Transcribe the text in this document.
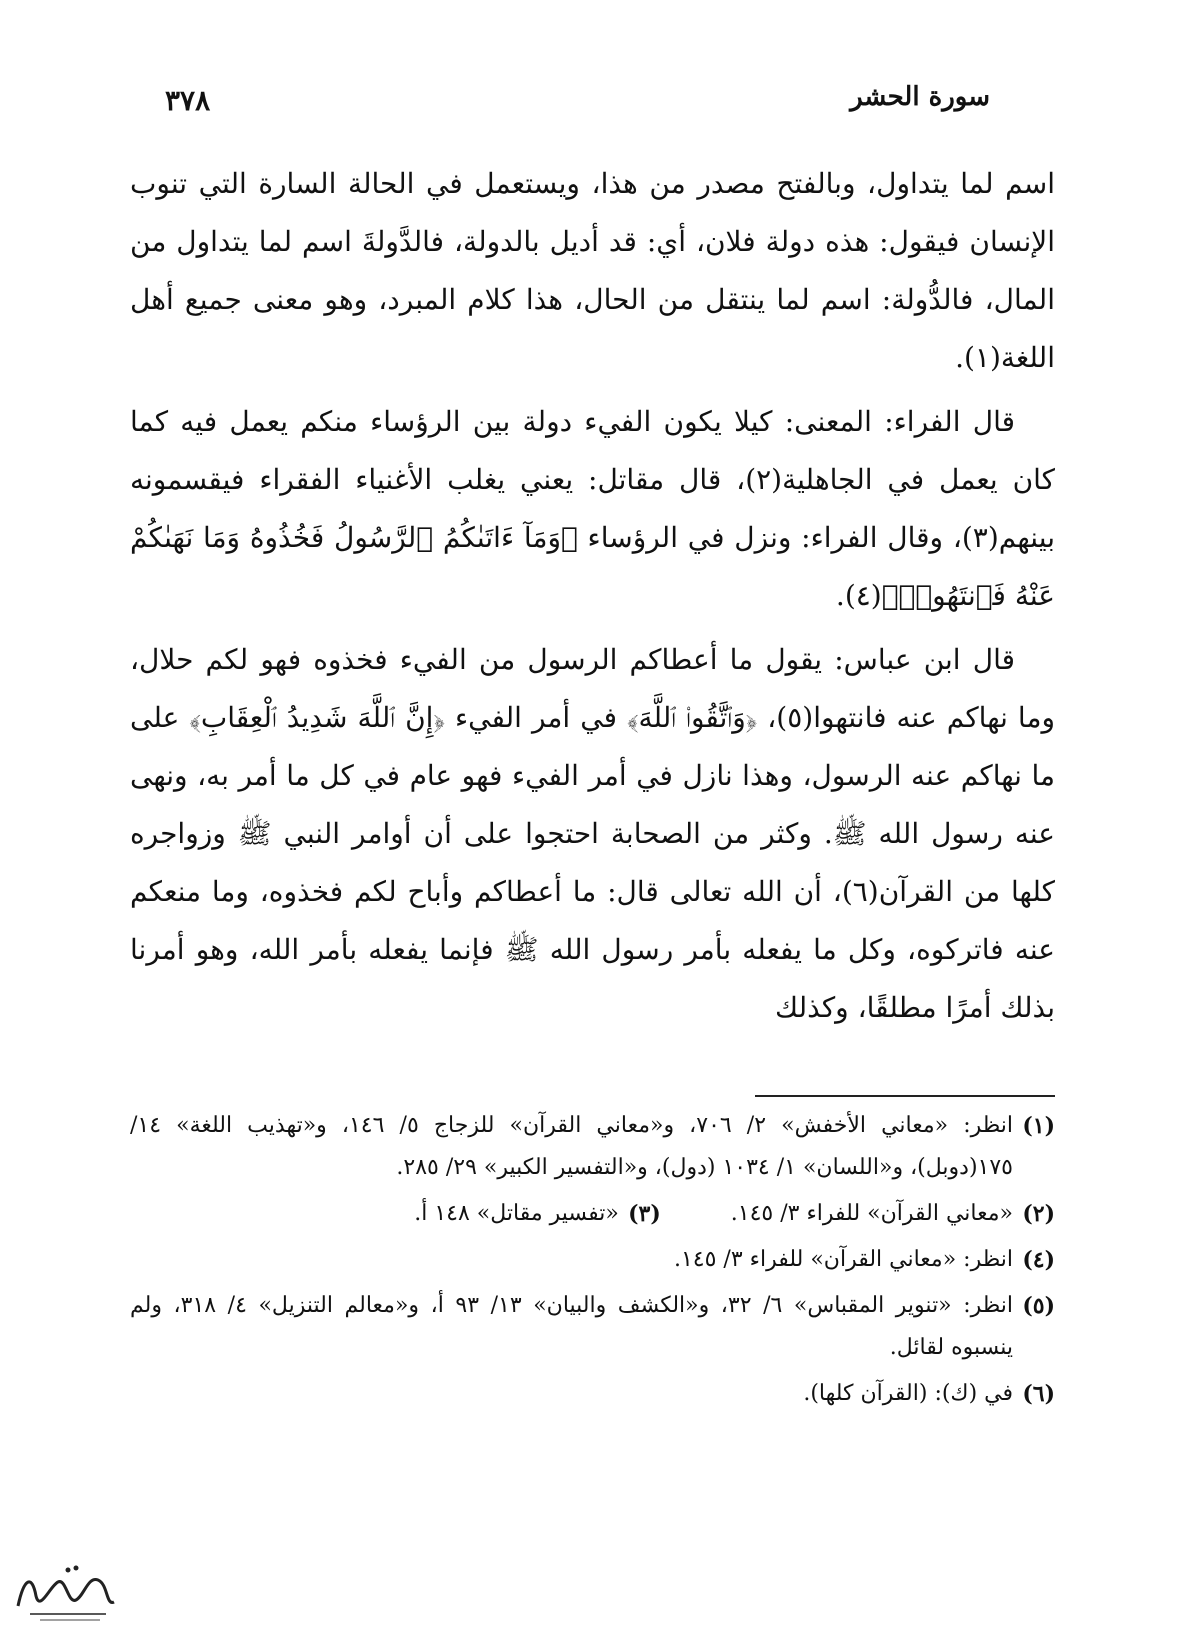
سورة الحشر
٣٧٨

اسم لما يتداول، وبالفتح مصدر من هذا، ويستعمل في الحالة السارة التي تنوب الإنسان فيقول: هذه دولة فلان، أي: قد أديل بالدولة، فالدَّولةَ اسم لما يتداول من المال، فالدُّولة: اسم لما ينتقل من الحال، هذا كلام المبرد، وهو معنى جميع أهل اللغة(١).

قال الفراء: المعنى: كيلا يكون الفيء دولة بين الرؤساء منكم يعمل فيه كما كان يعمل في الجاهلية(٢)، قال مقاتل: يعني يغلب الأغنياء الفقراء فيقسمونه بينهم(٣)، وقال الفراء: ونزل في الرؤساء ﴿وَمَآ ءَاتَىٰكُمُ ٱلرَّسُولُ فَخُذُوهُ وَمَا نَهَىٰكُمْ عَنْهُ فَٱنتَهُوا۟﴾(٤).

قال ابن عباس: يقول ما أعطاكم الرسول من الفيء فخذوه فهو لكم حلال، وما نهاكم عنه فانتهوا(٥)، ﴿وَٱتَّقُوا۟ ٱللَّهَ﴾ في أمر الفيء ﴿إِنَّ ٱللَّهَ شَدِيدُ ٱلْعِقَابِ﴾ على ما نهاكم عنه الرسول، وهذا نازل في أمر الفيء فهو عام في كل ما أمر به، ونهى عنه رسول الله ﷺ. وكثر من الصحابة احتجوا على أن أوامر النبي ﷺ وزواجره كلها من القرآن(٦)، أن الله تعالى قال: ما أعطاكم وأباح لكم فخذوه، وما منعكم عنه فاتركوه، وكل ما يفعله بأمر رسول الله ﷺ فإنما يفعله بأمر الله، وهو أمرنا بذلك أمرًا مطلقًا، وكذلك

(١)
انظر: «معاني الأخفش» ٢/ ٧٠٦، و«معاني القرآن» للزجاج ٥/ ١٤٦، و«تهذيب اللغة» ١٤/ ١٧٥(دوبل)، و«اللسان» ١/ ١٠٣٤ (دول)، و«التفسير الكبير» ٢٩/ ٢٨٥.
(٢)
«معاني القرآن» للفراء ٣/ ١٤٥.
(٣)
«تفسير مقاتل» ١٤٨ أ.
(٤)
انظر: «معاني القرآن» للفراء ٣/ ١٤٥.
(٥)
انظر: «تنوير المقباس» ٦/ ٣٢، و«الكشف والبيان» ١٣/ ٩٣ أ، و«معالم التنزيل» ٤/ ٣١٨، ولم ينسبوه لقائل.
(٦)
في (ك): (القرآن كلها).
